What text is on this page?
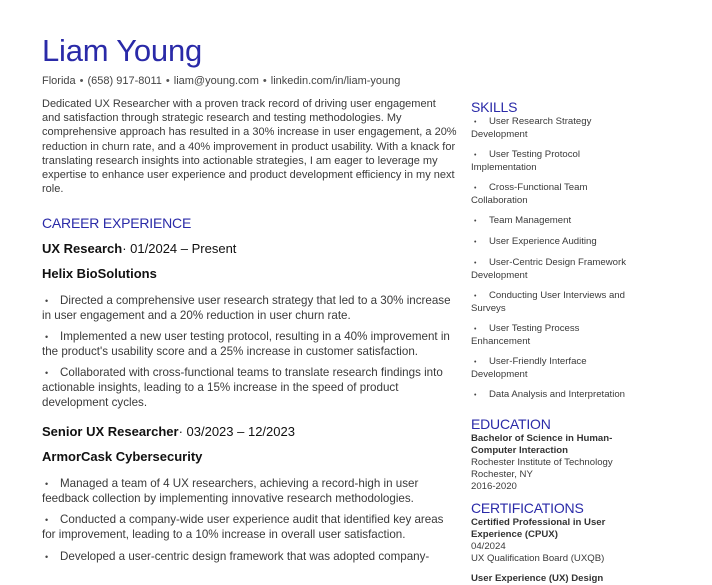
Liam Young
Florida • (658) 917-8011 • liam@young.com • linkedin.com/in/liam-young
Dedicated UX Researcher with a proven track record of driving user engagement and satisfaction through strategic research and testing methodologies. My comprehensive approach has resulted in a 30% increase in user engagement, a 20% reduction in churn rate, and a 40% improvement in product usability. With a knack for translating research insights into actionable strategies, I am eager to leverage my expertise to enhance user experience and product development efficiency in my next role.
CAREER EXPERIENCE
UX Research· 01/2024 – Present
Helix BioSolutions
• Directed a comprehensive user research strategy that led to a 30% increase in user engagement and a 20% reduction in user churn rate.
• Implemented a new user testing protocol, resulting in a 40% improvement in the product's usability score and a 25% increase in customer satisfaction.
• Collaborated with cross-functional teams to translate research findings into actionable insights, leading to a 15% increase in the speed of product development cycles.
Senior UX Researcher· 03/2023 – 12/2023
ArmorCask Cybersecurity
• Managed a team of 4 UX researchers, achieving a record-high in user feedback collection by implementing innovative research methodologies.
• Conducted a company-wide user experience audit that identified key areas for improvement, leading to a 10% increase in overall user satisfaction.
• Developed a user-centric design framework that was adopted company-
SKILLS
• User Research Strategy Development
• User Testing Protocol Implementation
• Cross-Functional Team Collaboration
• Team Management
• User Experience Auditing
• User-Centric Design Framework Development
• Conducting User Interviews and Surveys
• User Testing Process Enhancement
• User-Friendly Interface Development
• Data Analysis and Interpretation
EDUCATION
Bachelor of Science in Human-Computer Interaction
Rochester Institute of Technology
Rochester, NY
2016-2020
CERTIFICATIONS
Certified Professional in User Experience (CPUX)
04/2024
UX Qualification Board (UXQB)
User Experience (UX) Design
